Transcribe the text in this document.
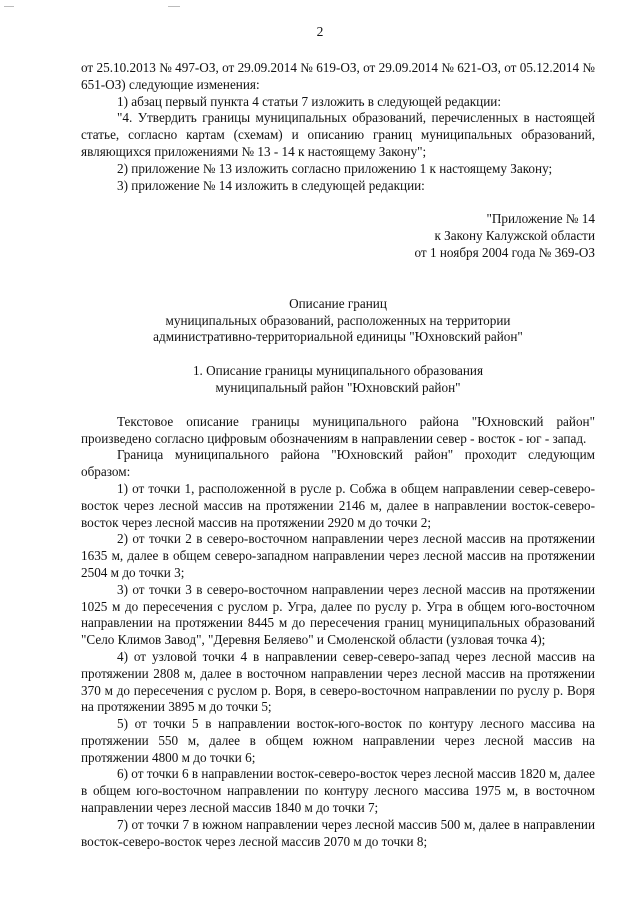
2

от 25.10.2013 № 497-ОЗ, от 29.09.2014 № 619-ОЗ, от 29.09.2014 № 621-ОЗ, от 05.12.2014 № 651-ОЗ) следующие изменения:

1) абзац первый пункта 4 статьи 7 изложить в следующей редакции:

"4. Утвердить границы муниципальных образований, перечисленных в настоящей статье, согласно картам (схемам) и описанию границ муниципальных образований, являющихся приложениями № 13 - 14 к настоящему Закону";

2) приложение № 13 изложить согласно приложению 1 к настоящему Закону;

3) приложение № 14 изложить в следующей редакции:

"Приложение № 14

к Закону Калужской области

от 1 ноября 2004 года № 369-ОЗ

Описание границ

муниципальных образований, расположенных на территории

административно-территориальной единицы "Юхновский район"

1. Описание границы муниципального образования

муниципальный район "Юхновский район"

Текстовое описание границы муниципального района "Юхновский район" произведено согласно цифровым обозначениям в направлении север - восток - юг - запад.

Граница муниципального района "Юхновский район" проходит следующим образом:

1) от точки 1, расположенной в русле р. Собжа в общем направлении север-северо-восток через лесной массив на протяжении 2146 м, далее в направлении восток-северо-восток через лесной массив на протяжении 2920 м до точки 2;

2) от точки 2 в северо-восточном направлении через лесной массив на протяжении 1635 м, далее в общем северо-западном направлении через лесной массив на протяжении 2504 м до точки 3;

3) от точки 3 в северо-восточном направлении через лесной массив на протяжении 1025 м до пересечения с руслом р. Угра, далее по руслу р. Угра в общем юго-восточном направлении на протяжении 8445 м до пересечения границ муниципальных образований "Село Климов Завод", "Деревня Беляево" и Смоленской области (узловая точка 4);

4) от узловой точки 4 в направлении север-северо-запад через лесной массив на протяжении 2808 м, далее в восточном направлении через лесной массив на протяжении 370 м до пересечения с руслом р. Воря, в северо-восточном направлении по руслу р. Воря на протяжении 3895 м до точки 5;

5) от точки 5 в направлении восток-юго-восток по контуру лесного массива на протяжении 550 м, далее в общем южном направлении через лесной массив на протяжении 4800 м до точки 6;

6) от точки 6 в направлении восток-северо-восток через лесной массив 1820 м, далее в общем юго-восточном направлении по контуру лесного массива 1975 м, в восточном направлении через лесной массив 1840 м до точки 7;

7) от точки 7 в южном направлении через лесной массив 500 м, далее в направлении восток-северо-восток через лесной массив 2070 м до точки 8;
